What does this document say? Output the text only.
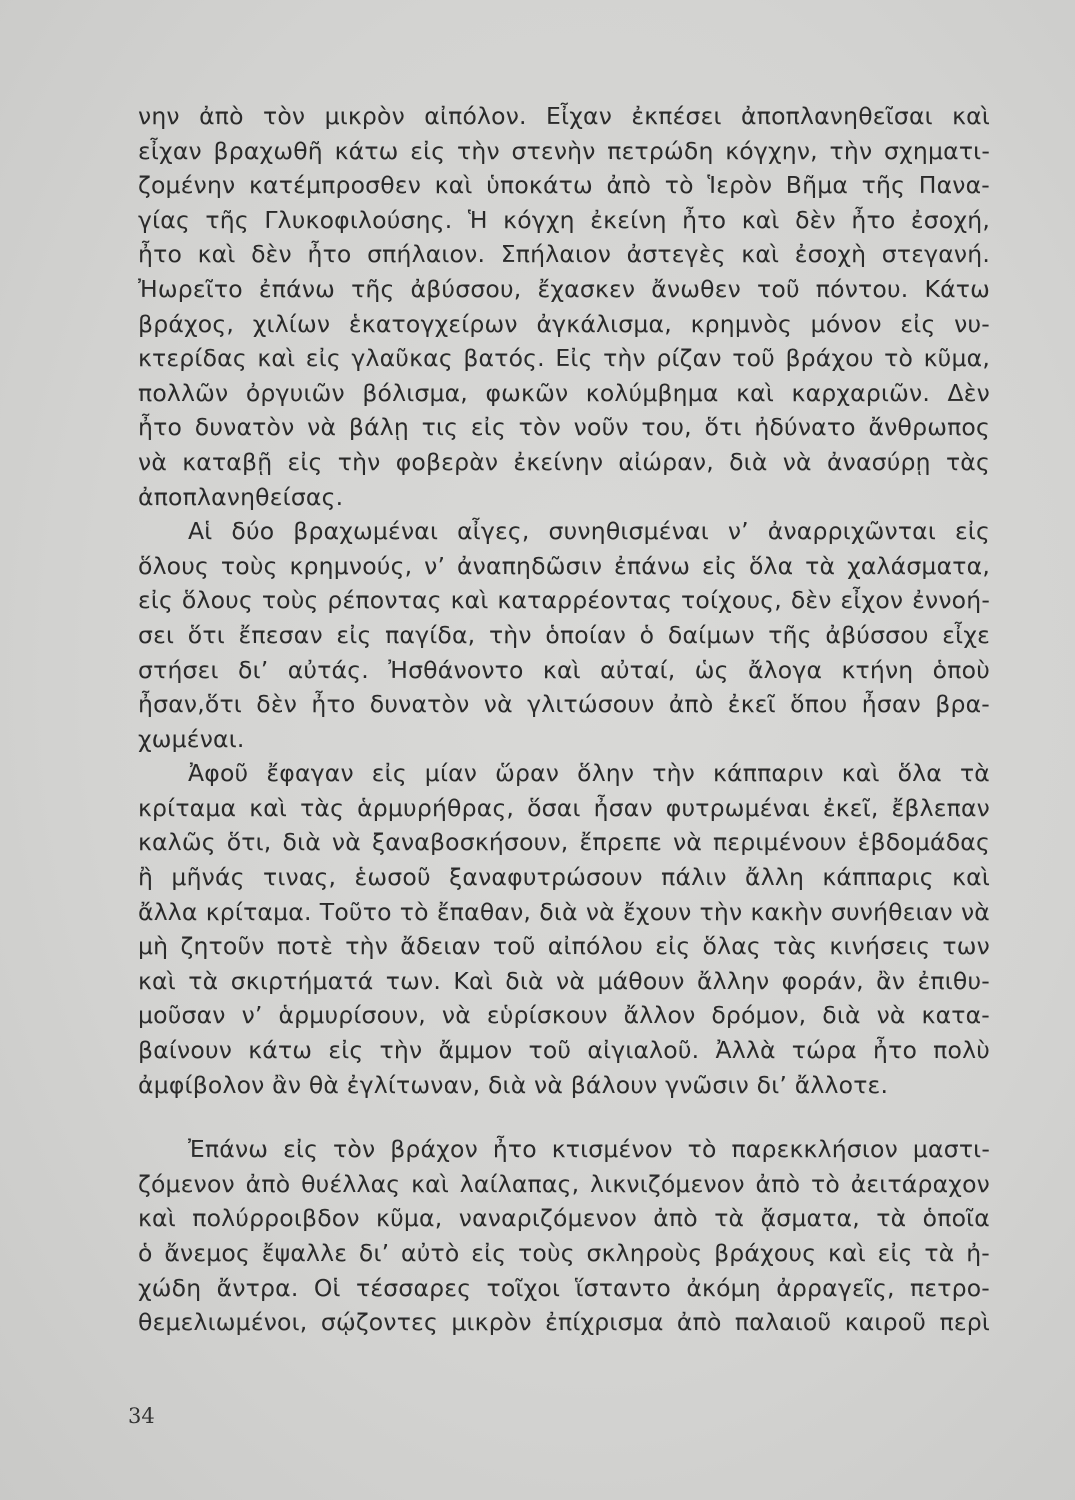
νην ἀπὸ τὸν μικρὸν αἰπόλον. Εἶχαν ἐκπέσει ἀποπλανηθεῖσαι καὶ
εἶχαν βραχωθῆ κάτω εἰς τὴν στενὴν πετρώδη κόγχην, τὴν σχηματι-
ζομένην κατέμπροσθεν καὶ ὑποκάτω ἀπὸ τὸ Ἱερὸν Βῆμα τῆς Πανα-
γίας τῆς Γλυκοφιλούσης. Ἡ κόγχη ἐκείνη ἦτο καὶ δὲν ἦτο ἐσοχή,
ἦτο καὶ δὲν ἦτο σπήλαιον. Σπήλαιον ἀστεγὲς καὶ ἐσοχὴ στεγανή.
Ἠωρεῖτο ἐπάνω τῆς ἀβύσσου, ἔχασκεν ἄνωθεν τοῦ πόντου. Κάτω
βράχος, χιλίων ἑκατογχείρων ἀγκάλισμα, κρημνὸς μόνον εἰς νυ-
κτερίδας καὶ εἰς γλαῦκας βατός. Εἰς τὴν ρίζαν τοῦ βράχου τὸ κῦμα,
πολλῶν ὀργυιῶν βόλισμα, φωκῶν κολύμβημα καὶ καρχαριῶν. Δὲν
ἦτο δυνατὸν νὰ βάλῃ τις εἰς τὸν νοῦν του, ὅτι ἠδύνατο ἄνθρωπος
νὰ καταβῇ εἰς τὴν φοβερὰν ἐκείνην αἰώραν, διὰ νὰ ἀνασύρῃ τὰς
ἀποπλανηθείσας.
Αἱ δύο βραχωμέναι αἶγες, συνηθισμέναι ν’ ἀναρριχῶνται εἰς
ὅλους τοὺς κρημνούς, ν’ ἀναπηδῶσιν ἐπάνω εἰς ὅλα τὰ χαλάσματα,
εἰς ὅλους τοὺς ρέποντας καὶ καταρρέοντας τοίχους, δὲν εἶχον ἐννοή-
σει ὅτι ἔπεσαν εἰς παγίδα, τὴν ὁποίαν ὁ δαίμων τῆς ἀβύσσου εἶχε
στήσει δι’ αὐτάς. Ἠσθάνοντο καὶ αὐταί, ὡς ἄλογα κτήνη ὁποὺ
ἦσαν,ὅτι δὲν ἦτο δυνατὸν νὰ γλιτώσουν ἀπὸ ἐκεῖ ὅπου ἦσαν βρα-
χωμέναι.
Ἀφοῦ ἔφαγαν εἰς μίαν ὥραν ὅλην τὴν κάππαριν καὶ ὅλα τὰ
κρίταμα καὶ τὰς ἁρμυρήθρας, ὅσαι ἦσαν φυτρωμέναι ἐκεῖ, ἔβλεπαν
καλῶς ὅτι, διὰ νὰ ξαναβοσκήσουν, ἔπρεπε νὰ περιμένουν ἑβδομάδας
ἢ μῆνάς τινας, ἑωσοῦ ξαναφυτρώσουν πάλιν ἄλλη κάππαρις καὶ
ἄλλα κρίταμα. Τοῦτο τὸ ἔπαθαν, διὰ νὰ ἔχουν τὴν κακὴν συνήθειαν νὰ
μὴ ζητοῦν ποτὲ τὴν ἄδειαν τοῦ αἰπόλου εἰς ὅλας τὰς κινήσεις των
καὶ τὰ σκιρτήματά των. Καὶ διὰ νὰ μάθουν ἄλλην φοράν, ἂν ἐπιθυ-
μοῦσαν ν’ ἁρμυρίσουν, νὰ εὑρίσκουν ἄλλον δρόμον, διὰ νὰ κατα-
βαίνουν κάτω εἰς τὴν ἄμμον τοῦ αἰγιαλοῦ. Ἀλλὰ τώρα ἦτο πολὺ
ἀμφίβολον ἂν θὰ ἐγλίτωναν, διὰ νὰ βάλουν γνῶσιν δι’ ἄλλοτε.
Ἐπάνω εἰς τὸν βράχον ἦτο κτισμένον τὸ παρεκκλήσιον μαστι-
ζόμενον ἀπὸ θυέλλας καὶ λαίλαπας, λικνιζόμενον ἀπὸ τὸ ἀειτάραχον
καὶ πολύρροιβδον κῦμα, ναναριζόμενον ἀπὸ τὰ ᾄσματα, τὰ ὁποῖα
ὁ ἄνεμος ἔψαλλε δι’ αὐτὸ εἰς τοὺς σκληροὺς βράχους καὶ εἰς τὰ ἠ-
χώδη ἄντρα. Οἱ τέσσαρες τοῖχοι ἵσταντο ἀκόμη ἀρραγεῖς, πετρο-
θεμελιωμένοι, σῴζοντες μικρὸν ἐπίχρισμα ἀπὸ παλαιοῦ καιροῦ περὶ
34
